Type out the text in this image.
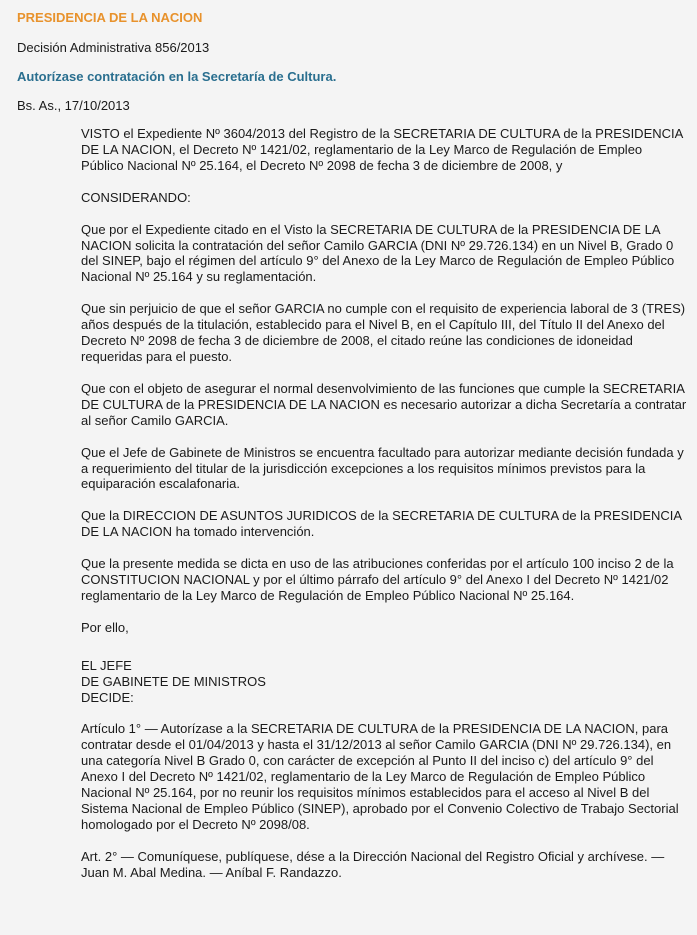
PRESIDENCIA DE LA NACION
Decisión Administrativa 856/2013
Autorízase contratación en la Secretaría de Cultura.
Bs. As., 17/10/2013

VISTO el Expediente Nº 3604/2013 del Registro de la SECRETARIA DE CULTURA de la PRESIDENCIA DE LA NACION, el Decreto Nº 1421/02, reglamentario de la Ley Marco de Regulación de Empleo Público Nacional Nº 25.164, el Decreto Nº 2098 de fecha 3 de diciembre de 2008, y

CONSIDERANDO:

Que por el Expediente citado en el Visto la SECRETARIA DE CULTURA de la PRESIDENCIA DE LA NACION solicita la contratación del señor Camilo GARCIA (DNI Nº 29.726.134) en un Nivel B, Grado 0 del SINEP, bajo el régimen del artículo 9° del Anexo de la Ley Marco de Regulación de Empleo Público Nacional Nº 25.164 y su reglamentación.

Que sin perjuicio de que el señor GARCIA no cumple con el requisito de experiencia laboral de 3 (TRES) años después de la titulación, establecido para el Nivel B, en el Capítulo III, del Título II del Anexo del Decreto Nº 2098 de fecha 3 de diciembre de 2008, el citado reúne las condiciones de idoneidad requeridas para el puesto.

Que con el objeto de asegurar el normal desenvolvimiento de las funciones que cumple la SECRETARIA DE CULTURA de la PRESIDENCIA DE LA NACION es necesario autorizar a dicha Secretaría a contratar al señor Camilo GARCIA.

Que el Jefe de Gabinete de Ministros se encuentra facultado para autorizar mediante decisión fundada y a requerimiento del titular de la jurisdicción excepciones a los requisitos mínimos previstos para la equiparación escalafonaria.

Que la DIRECCION DE ASUNTOS JURIDICOS de la SECRETARIA DE CULTURA de la PRESIDENCIA DE LA NACION ha tomado intervención.

Que la presente medida se dicta en uso de las atribuciones conferidas por el artículo 100 inciso 2 de la CONSTITUCION NACIONAL y por el último párrafo del artículo 9° del Anexo I del Decreto Nº 1421/02 reglamentario de la Ley Marco de Regulación de Empleo Público Nacional Nº 25.164.

Por ello,

EL JEFE

DE GABINETE DE MINISTROS

DECIDE:

Artículo 1° — Autorízase a la SECRETARIA DE CULTURA de la PRESIDENCIA DE LA NACION, para contratar desde el 01/04/2013 y hasta el 31/12/2013 al señor Camilo GARCIA (DNI Nº 29.726.134), en una categoría Nivel B Grado 0, con carácter de excepción al Punto II del inciso c) del artículo 9° del Anexo I del Decreto Nº 1421/02, reglamentario de la Ley Marco de Regulación de Empleo Público Nacional Nº 25.164, por no reunir los requisitos mínimos establecidos para el acceso al Nivel B del Sistema Nacional de Empleo Público (SINEP), aprobado por el Convenio Colectivo de Trabajo Sectorial homologado por el Decreto Nº 2098/08.

Art. 2° — Comuníquese, publíquese, dése a la Dirección Nacional del Registro Oficial y archívese. — Juan M. Abal Medina. — Aníbal F. Randazzo.
